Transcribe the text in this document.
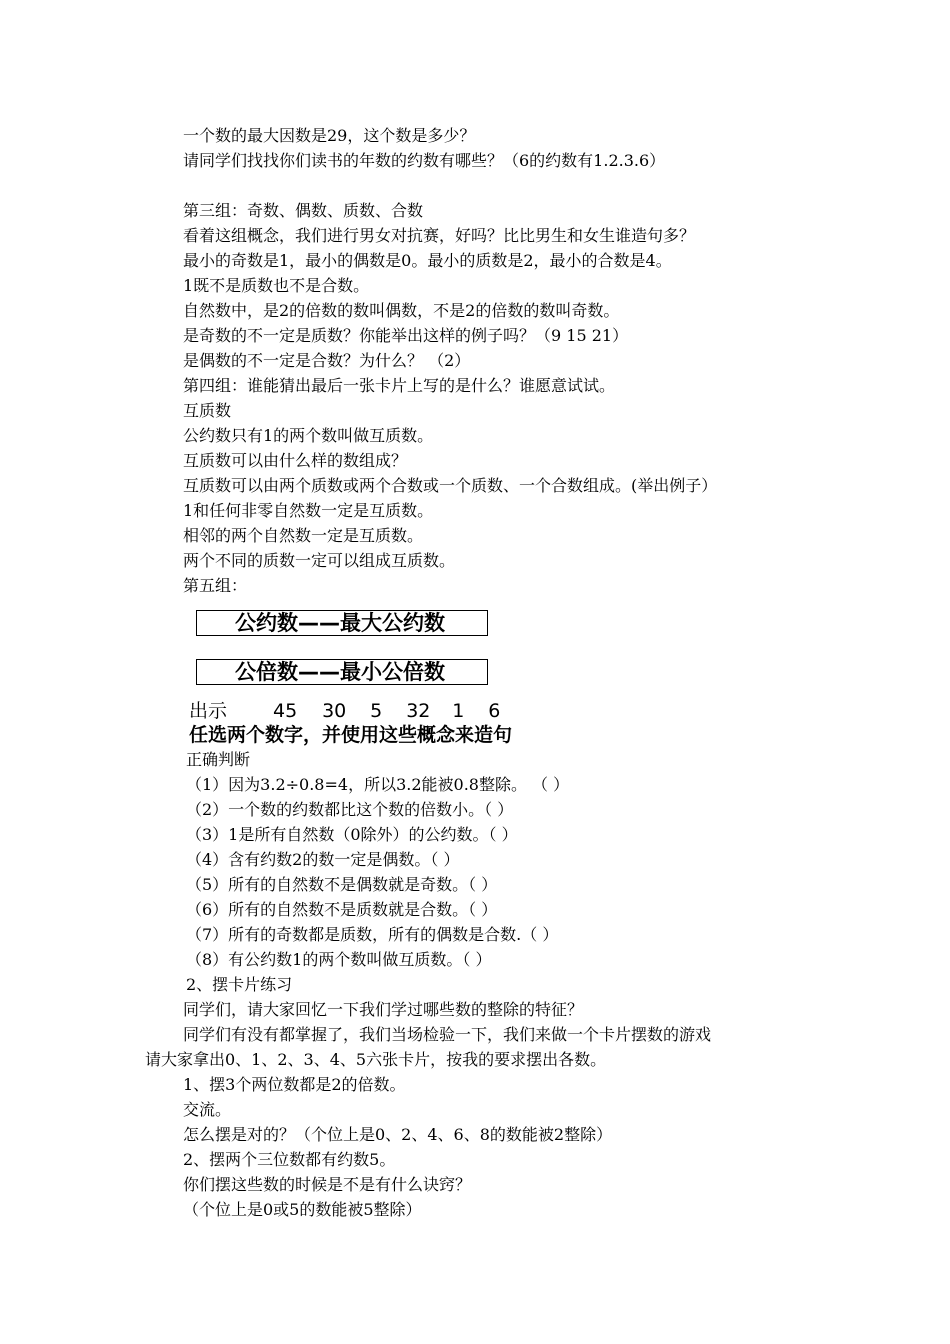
一个数的最大因数是29，这个数是多少？
请同学们找找你们读书的年数的约数有哪些？（6的约数有1.2.3.6）
第三组：奇数、偶数、质数、合数
看着这组概念，我们进行男女对抗赛，好吗？比比男生和女生谁造句多？
最小的奇数是1，最小的偶数是0。最小的质数是2，最小的合数是4。
1既不是质数也不是合数。
自然数中，是2的倍数的数叫偶数，不是2的倍数的数叫奇数。
是奇数的不一定是质数？你能举出这样的例子吗？（9 15 21）
是偶数的不一定是合数？为什么？ （2）
第四组：谁能猜出最后一张卡片上写的是什么？谁愿意试试。
互质数
公约数只有1的两个数叫做互质数。
互质数可以由什么样的数组成？
互质数可以由两个质数或两个合数或一个质数、一个合数组成。(举出例子）
1和任何非零自然数一定是互质数。
相邻的两个自然数一定是互质数。
两个不同的质数一定可以组成互质数。
第五组：
公约数——最大公约数
公倍数——最小公倍数
出示 45 30 5 32 1 6
任选两个数字，并使用这些概念来造句
正确判断
（1）因为3.2÷0.8=4，所以3.2能被0.8整除。 （ ）
（2）一个数的约数都比这个数的倍数小。（ ）
（3）1是所有自然数（0除外）的公约数。（ ）
（4）含有约数2的数一定是偶数。（ ）
（5）所有的自然数不是偶数就是奇数。（ ）
（6）所有的自然数不是质数就是合数。（ ）
（7）所有的奇数都是质数，所有的偶数是合数.（ ）
（8）有公约数1的两个数叫做互质数。（ ）
2、摆卡片练习
同学们，请大家回忆一下我们学过哪些数的整除的特征？
同学们有没有都掌握了，我们当场检验一下，我们来做一个卡片摆数的游戏
请大家拿出0、1、2、3、4、5六张卡片，按我的要求摆出各数。
1、摆3个两位数都是2的倍数。
交流。
怎么摆是对的？（个位上是0、2、4、6、8的数能被2整除）
2、摆两个三位数都有约数5。
你们摆这些数的时候是不是有什么诀窍？
（个位上是0或5的数能被5整除）
